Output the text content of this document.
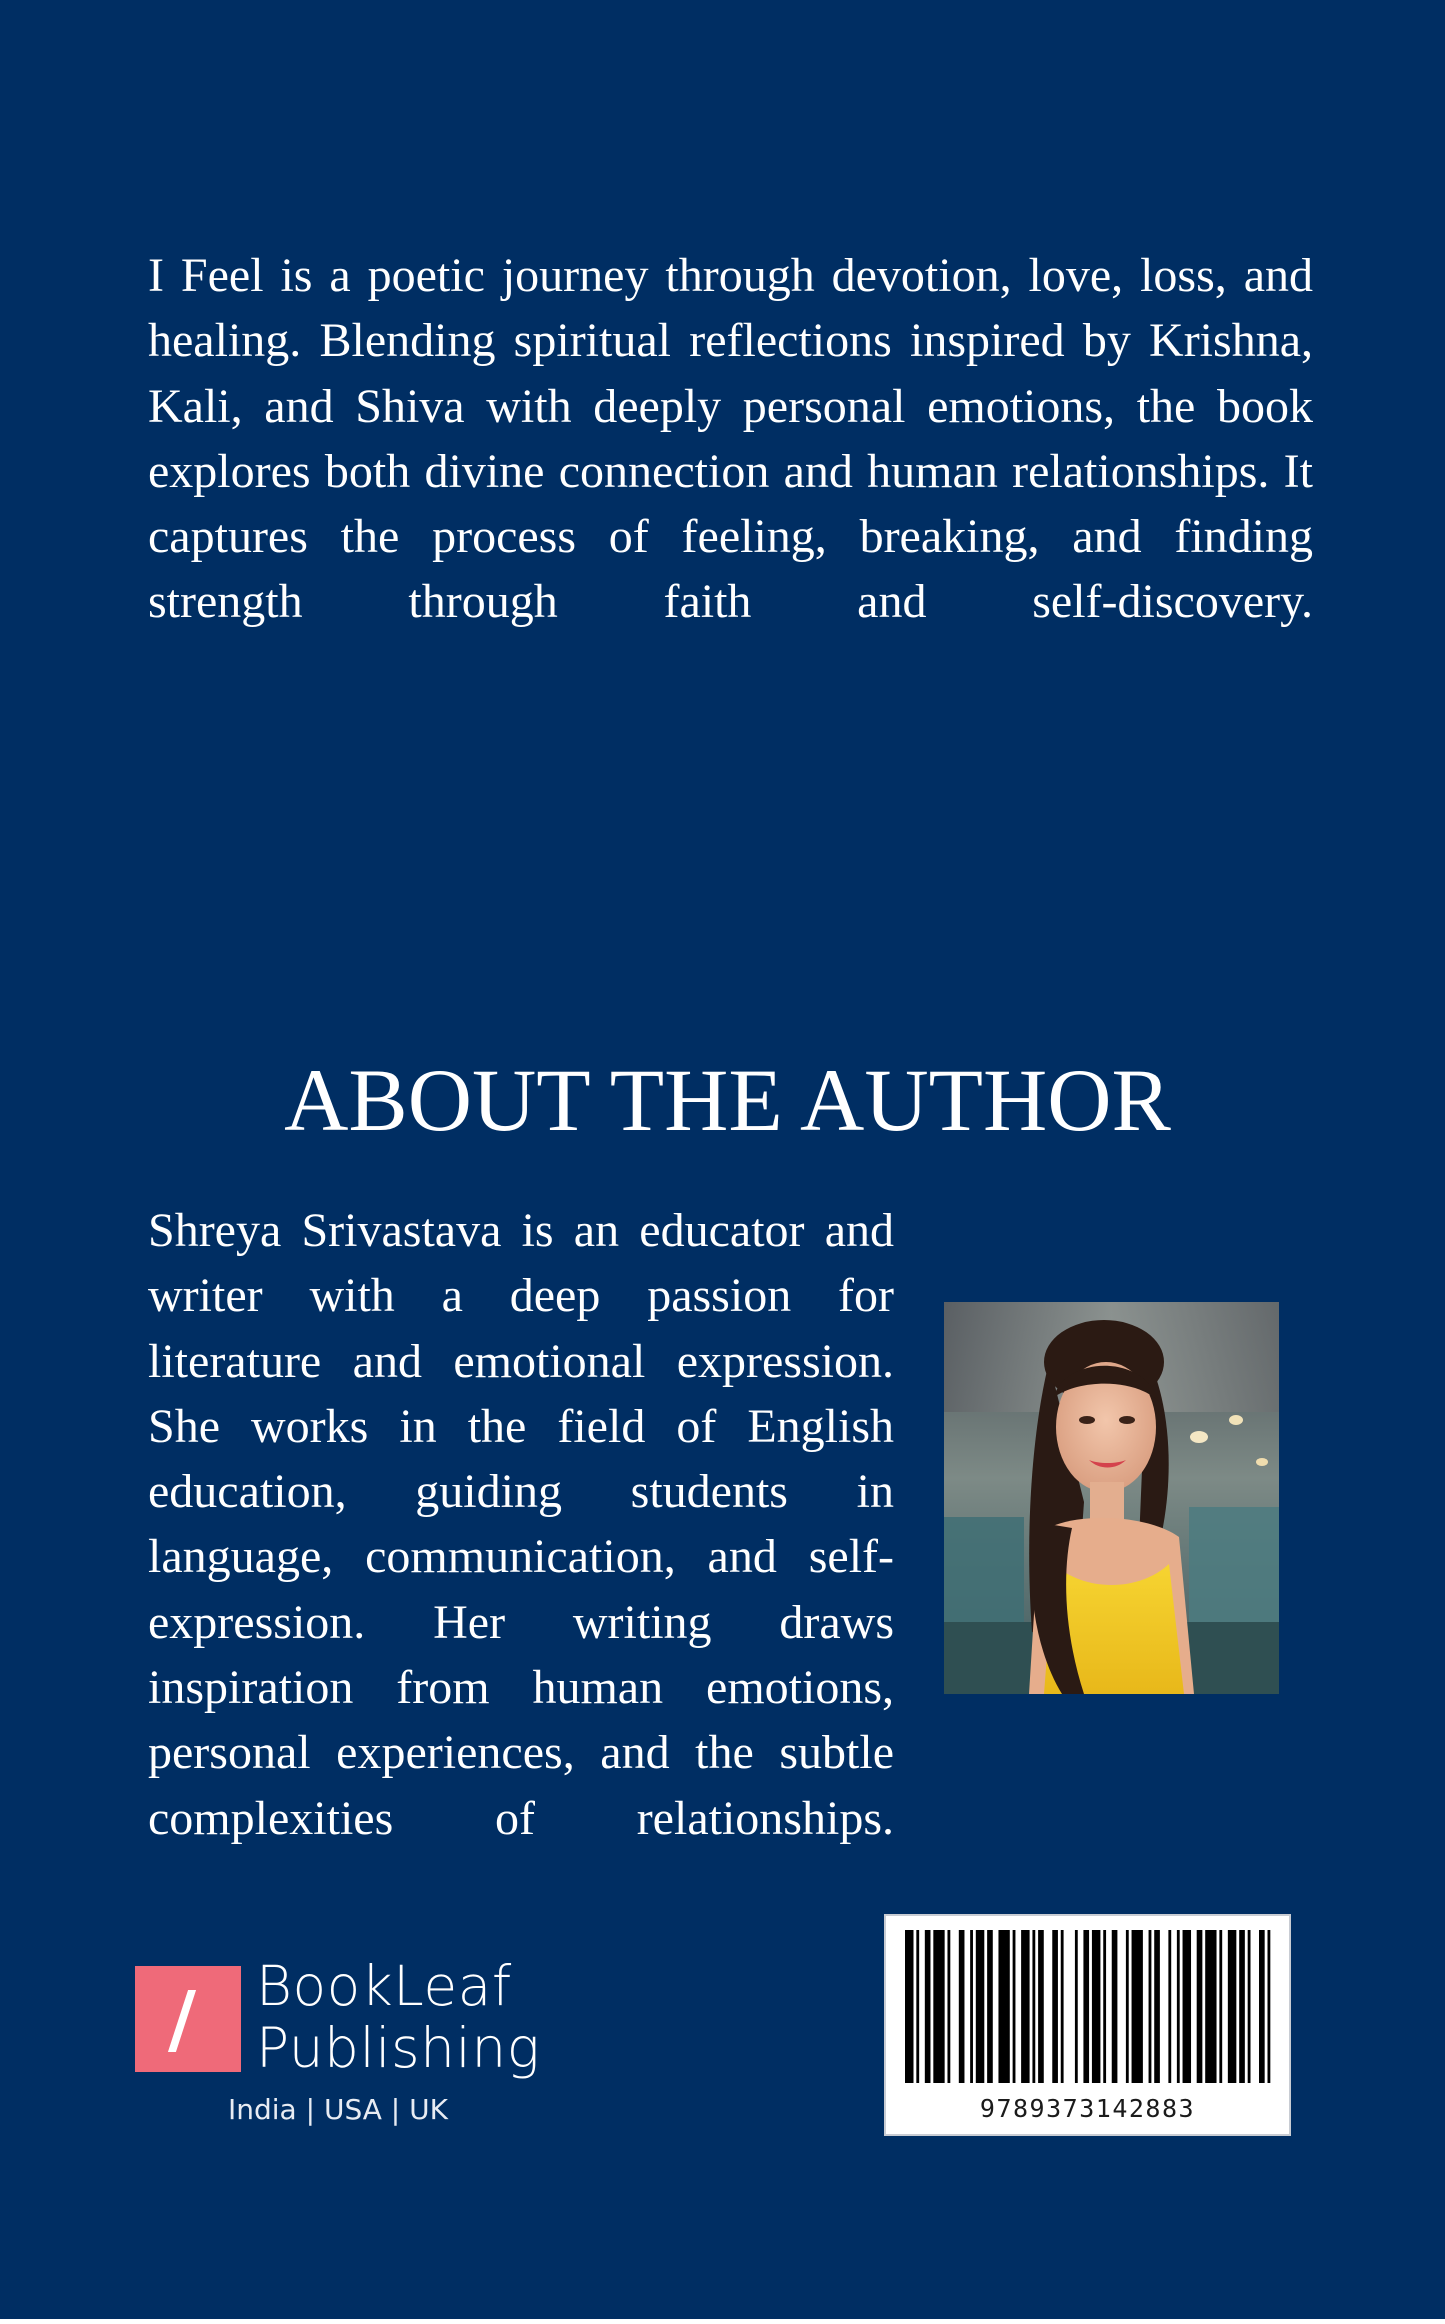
I Feel is a poetic journey through devotion, love, loss, and healing. Blending spiritual reflections inspired by Krishna, Kali, and Shiva with deeply personal emotions, the book explores both divine connection and human relationships. It captures the process of feeling, breaking, and finding strength through faith and self-discovery.

ABOUT THE AUTHOR

Shreya Srivastava is an educator and writer with a deep passion for literature and emotional expression. She works in the field of English education, guiding students in language, communication, and self-expression. Her writing draws inspiration from human emotions, personal experiences, and the subtle complexities of relationships.

BookLeaf
Publishing
India | USA | UK	9789373142883
